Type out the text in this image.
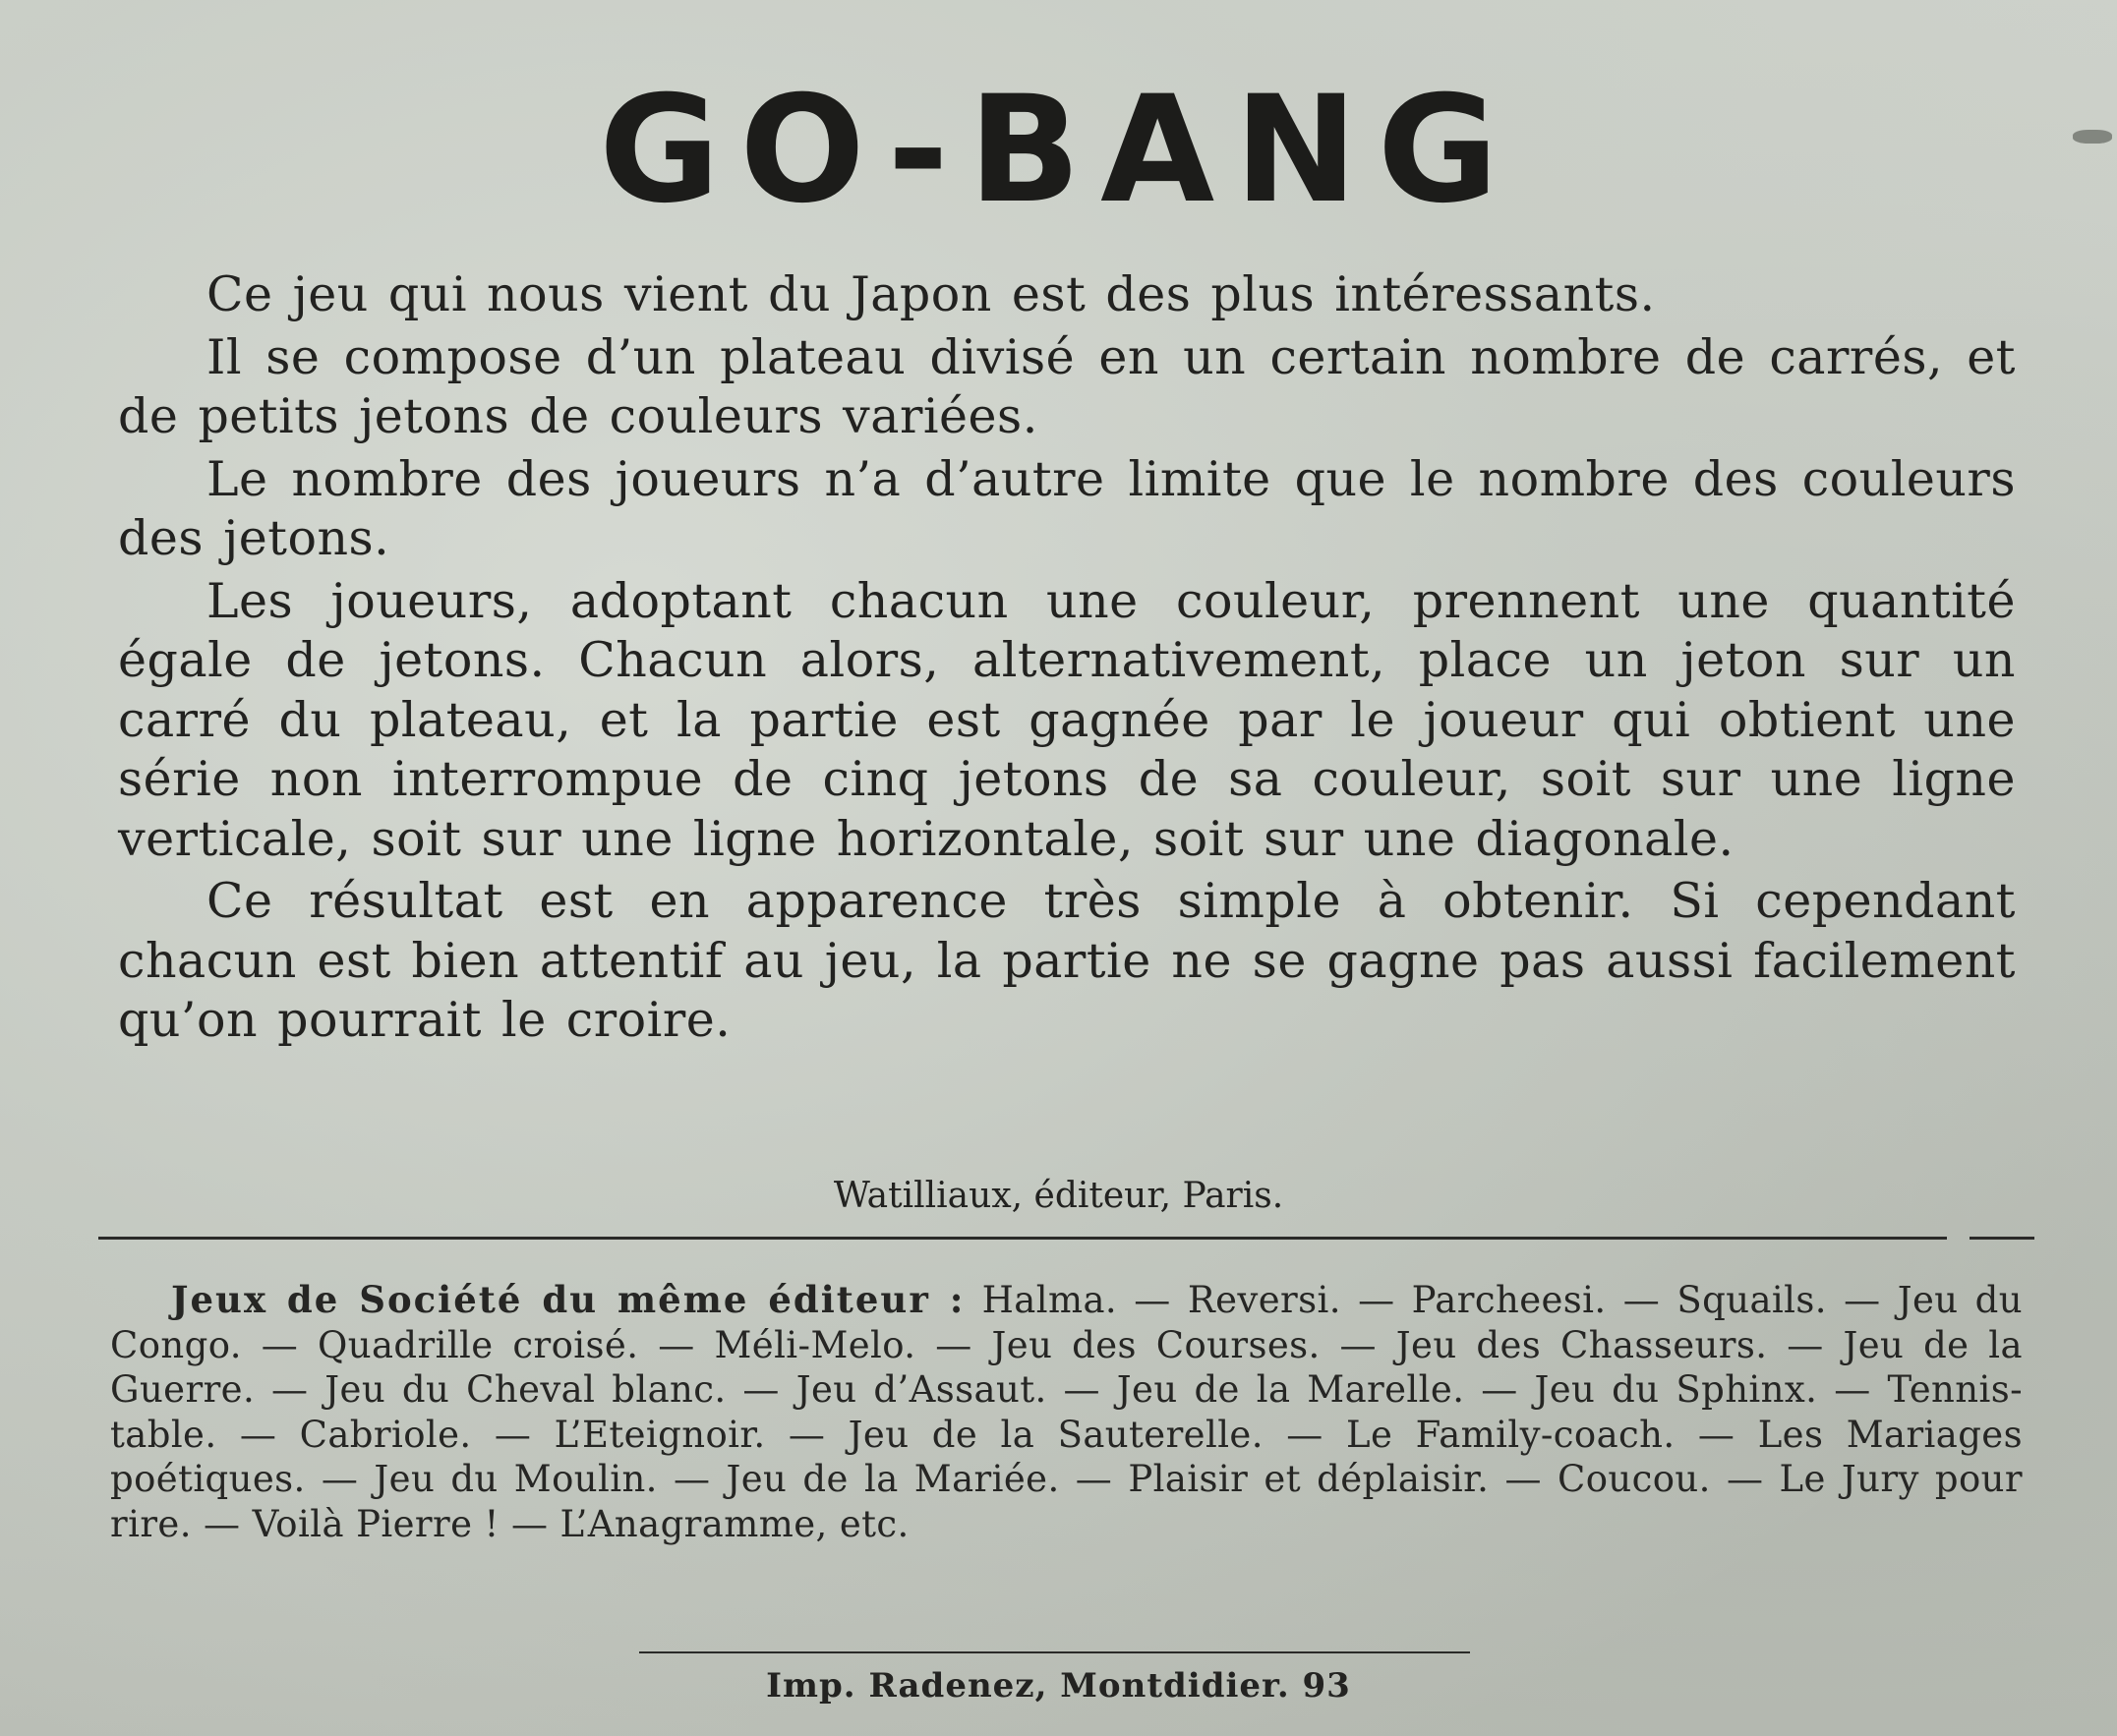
GO-BANG

Ce jeu qui nous vient du Japon est des plus intéressants.

Il se compose d’un plateau divisé en un certain nombre de carrés, et de petits jetons de couleurs variées.

Le nombre des joueurs n’a d’autre limite que le nombre des couleurs des jetons.

Les joueurs, adoptant chacun une couleur, prennent une quantité égale de jetons. Chacun alors, alternativement, place un jeton sur un carré du plateau, et la partie est gagnée par le joueur qui obtient une série non interrompue de cinq jetons de sa couleur, soit sur une ligne verticale, soit sur une ligne horizontale, soit sur une diagonale.

Ce résultat est en apparence très simple à obtenir. Si cependant chacun est bien attentif au jeu, la partie ne se gagne pas aussi facilement qu’on pourrait le croire.

Watilliaux, éditeur, Paris.

Jeux de Société du même éditeur : Halma. — Reversi. — Parcheesi. — Squails. — Jeu du Congo. — Quadrille croisé. — Méli-Melo. — Jeu des Courses. — Jeu des Chasseurs. — Jeu de la Guerre. — Jeu du Cheval blanc. — Jeu d’Assaut. — Jeu de la Marelle. — Jeu du Sphinx. — Tennis-table. — Cabriole. — L’Eteignoir. — Jeu de la Sauterelle. — Le Family-coach. — Les Mariages poétiques. — Jeu du Moulin. — Jeu de la Mariée. — Plaisir et déplaisir. — Coucou. — Le Jury pour rire. — Voilà Pierre ! — L’Anagramme, etc.

Imp. Radenez, Montdidier. 93
